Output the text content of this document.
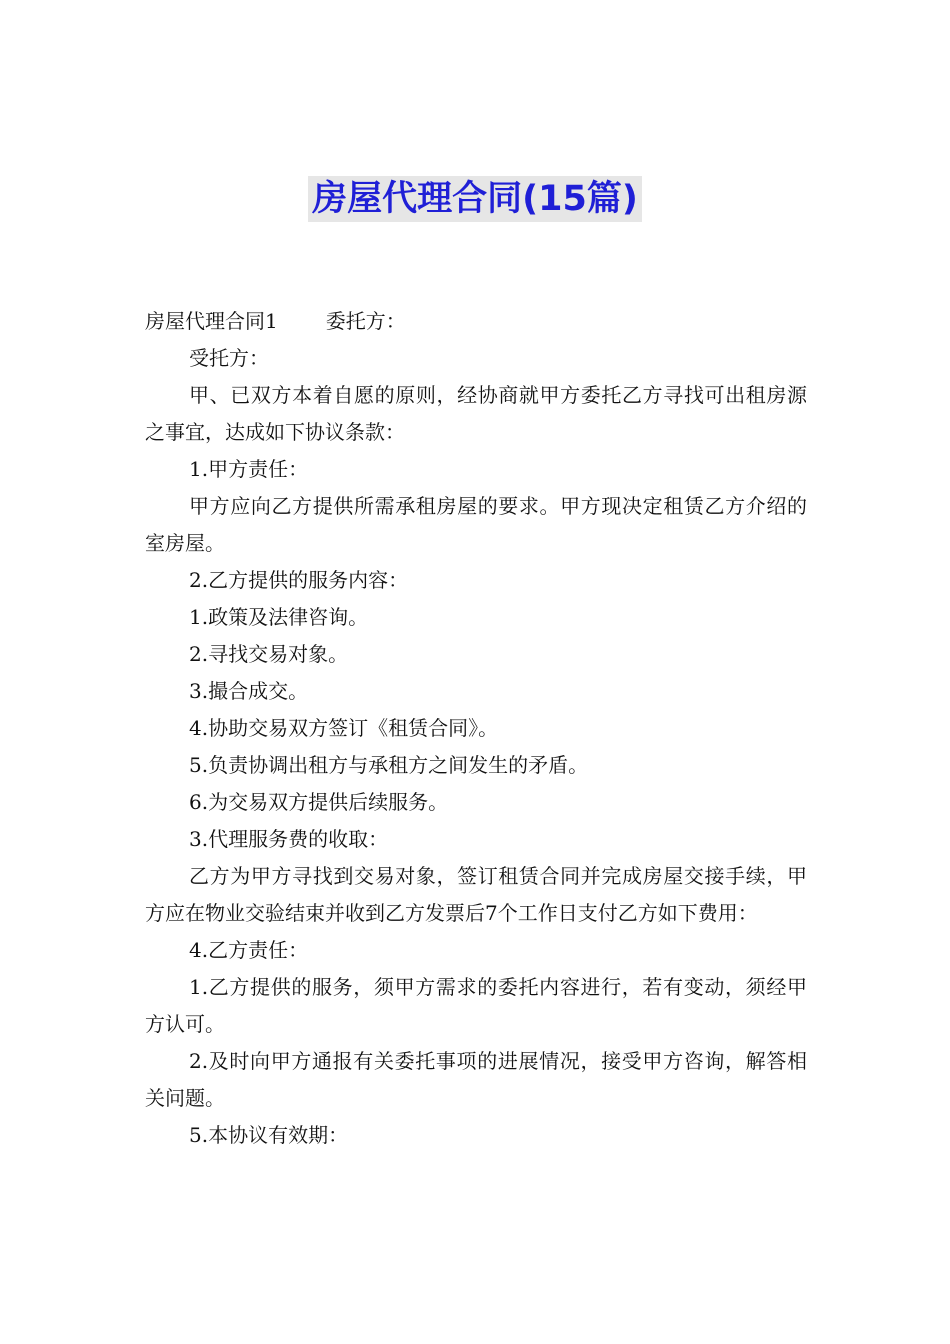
房屋代理合同(15篇)

房屋代理合同1 委托方：

受托方：

甲、已双方本着自愿的原则，经协商就甲方委托乙方寻找可出租房源之事宜，达成如下协议条款：

1.甲方责任：

甲方应向乙方提供所需承租房屋的要求。甲方现决定租赁乙方介绍的室房屋。

2.乙方提供的服务内容：

1.政策及法律咨询。

2.寻找交易对象。

3.撮合成交。

4.协助交易双方签订《租赁合同》。

5.负责协调出租方与承租方之间发生的矛盾。

6.为交易双方提供后续服务。

3.代理服务费的收取：

乙方为甲方寻找到交易对象，签订租赁合同并完成房屋交接手续，甲方应在物业交验结束并收到乙方发票后7个工作日支付乙方如下费用：

4.乙方责任：

1.乙方提供的服务，须甲方需求的委托内容进行，若有变动，须经甲方认可。

2.及时向甲方通报有关委托事项的进展情况，接受甲方咨询，解答相关问题。

5.本协议有效期：
